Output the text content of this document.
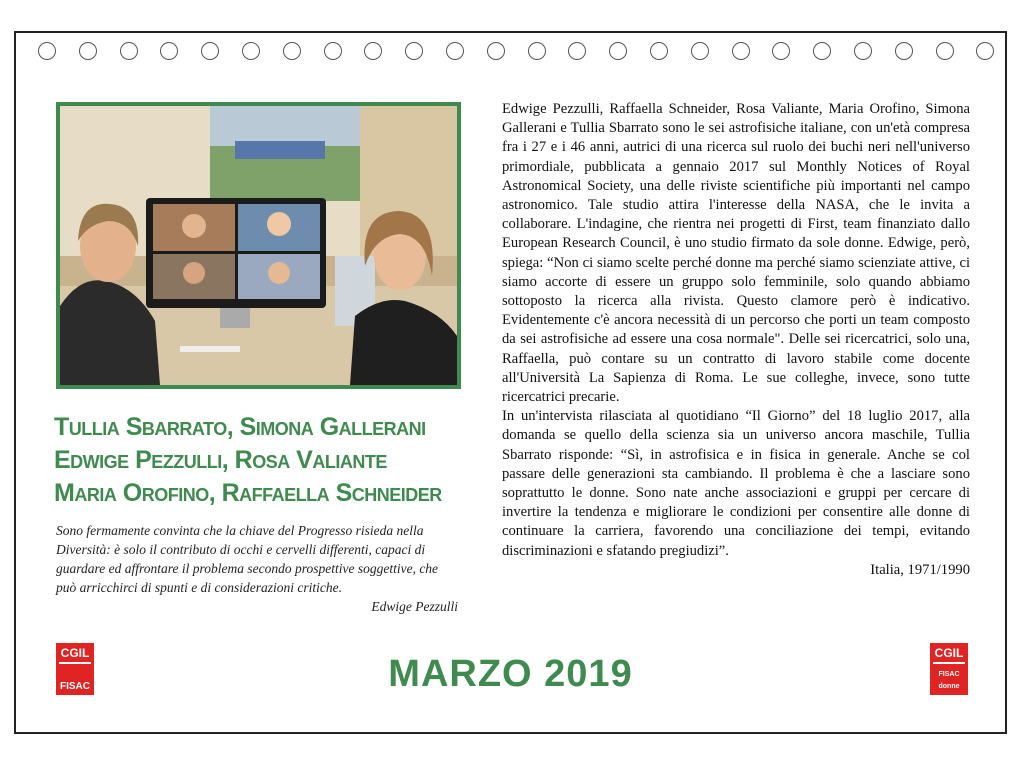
Tullia Sbarrato, Simona Gallerani
Edwige Pezzulli, Rosa Valiante
Maria Orofino, Raffaella Schneider
Sono fermamente convinta che la chiave del Progresso risieda nella Diversità: è solo il contributo di occhi e cervelli differenti, capaci di guardare ed affrontare il problema secondo prospettive soggettive, che può arricchirci di spunti e di considerazioni critiche.
Edwige Pezzulli

Edwige Pezzulli, Raffaella Schneider, Rosa Valiante, Maria Orofino, Simona Gallerani e Tullia Sbarrato sono le sei astrofisiche italiane, con un'età compresa fra i 27 e i 46 anni, autrici di una ricerca sul ruolo dei buchi neri nell'universo primordiale, pubblicata a gennaio 2017 sul Monthly Notices of Royal Astronomical Society, una delle riviste scientifiche più importanti nel campo astronomico. Tale studio attira l'interesse della NASA, che le invita a collaborare. L'indagine, che rientra nei progetti di First, team finanziato dallo European Research Council, è uno studio firmato da sole donne. Edwige, però, spiega: “Non ci siamo scelte perché donne ma perché siamo scienziate attive, ci siamo accorte di essere un gruppo solo femminile, solo quando abbiamo sottoposto la ricerca alla rivista. Questo clamore però è indicativo. Evidentemente c'è ancora necessità di un percorso che porti un team composto da sei astrofisiche ad essere una cosa normale". Delle sei ricercatrici, solo una, Raffaella, può contare su un contratto di lavoro stabile come docente all'Università La Sapienza di Roma. Le sue colleghe, invece, sono tutte ricercatrici precarie.

In un'intervista rilasciata al quotidiano “Il Giorno” del 18 luglio 2017, alla domanda se quello della scienza sia un universo ancora maschile, Tullia Sbarrato risponde: “Sì, in astrofisica e in fisica in generale. Anche se col passare delle generazioni sta cambiando. Il problema è che a lasciare sono soprattutto le donne. Sono nate anche associazioni e gruppi per cercare di invertire la tendenza e migliorare le condizioni per consentire alle donne di continuare la carriera, favorendo una conciliazione dei tempi, evitando discriminazioni e sfatando pregiudizi”.

Italia, 1971/1990

CGIL
FISAC	MARZO 2019	CGIL
FISAC donne
